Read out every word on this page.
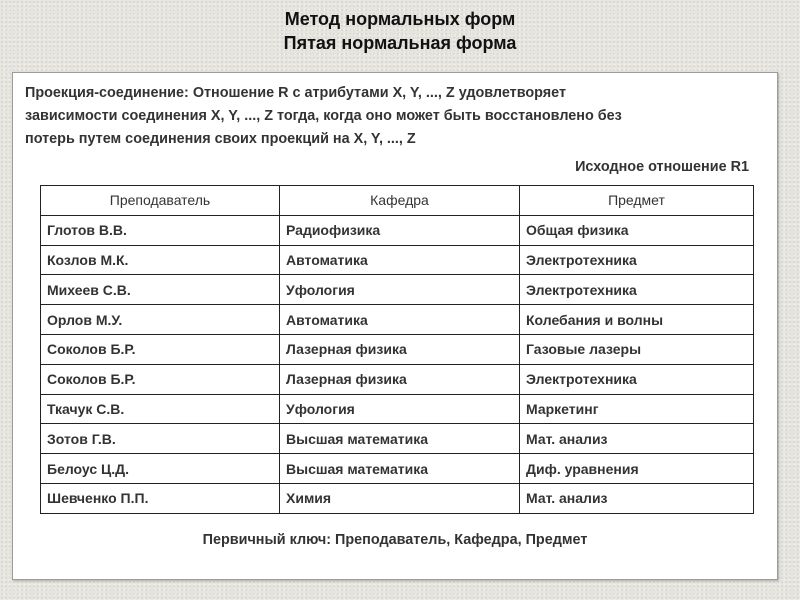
Метод нормальных форм
Пятая нормальная форма
Проекция-соединение: Отношение R с атрибутами X, Y, ..., Z удовлетворяет
зависимости соединения X, Y, ..., Z тогда, когда оно может быть восстановлено без
потерь путем соединения своих проекций на X, Y, ..., Z
Исходное отношение R1
Преподаватель	Кафедра	Предмет
Глотов В.В.	Радиофизика	Общая физика
Козлов М.К.	Автоматика	Электротехника
Михеев С.В.	Уфология	Электротехника
Орлов М.У.	Автоматика	Колебания и волны
Соколов Б.Р.	Лазерная физика	Газовые лазеры
Соколов Б.Р.	Лазерная физика	Электротехника
Ткачук С.В.	Уфология	Маркетинг
Зотов Г.В.	Высшая математика	Мат. анализ
Белоус Ц.Д.	Высшая математика	Диф. уравнения
Шевченко П.П.	Химия	Мат. анализ
Первичный ключ: Преподаватель, Кафедра, Предмет
